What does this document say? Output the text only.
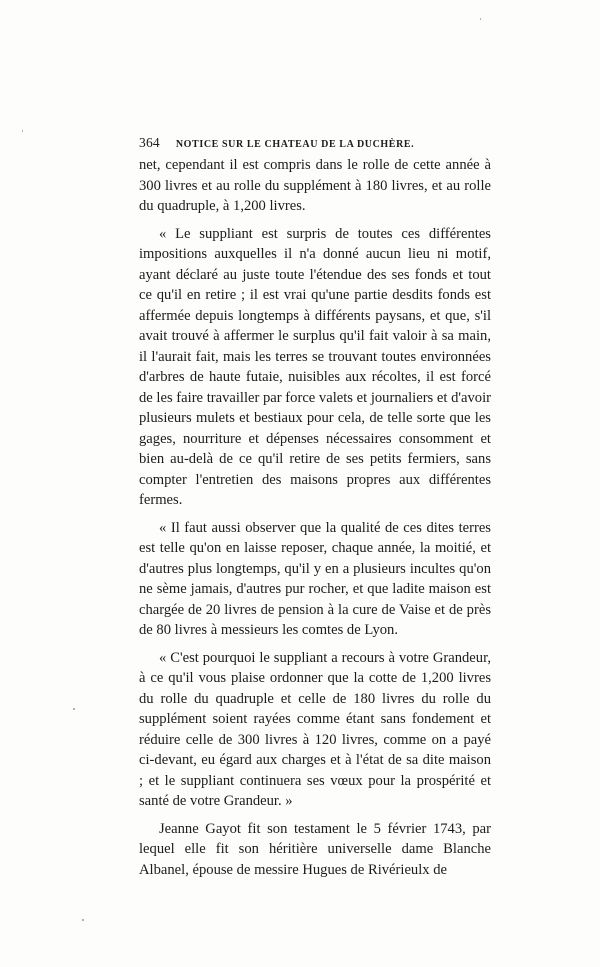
364 NOTICE SUR LE CHATEAU DE LA DUCHÈRE.

net, cependant il est compris dans le rolle de cette année à 300 livres et au rolle du supplément à 180 livres, et au rolle du quadruple, à 1,200 livres.

« Le suppliant est surpris de toutes ces différentes impositions auxquelles il n'a donné aucun lieu ni motif, ayant déclaré au juste toute l'étendue des ses fonds et tout ce qu'il en retire ; il est vrai qu'une partie desdits fonds est affermée depuis longtemps à différents paysans, et que, s'il avait trouvé à affermer le surplus qu'il fait valoir à sa main, il l'aurait fait, mais les terres se trouvant toutes environnées d'arbres de haute futaie, nuisibles aux récoltes, il est forcé de les faire travailler par force valets et journaliers et d'avoir plusieurs mulets et bestiaux pour cela, de telle sorte que les gages, nourriture et dépenses nécessaires consomment et bien au-delà de ce qu'il retire de ses petits fermiers, sans compter l'entretien des maisons propres aux différentes fermes.

« Il faut aussi observer que la qualité de ces dites terres est telle qu'on en laisse reposer, chaque année, la moitié, et d'autres plus longtemps, qu'il y en a plusieurs incultes qu'on ne sème jamais, d'autres pur rocher, et que ladite maison est chargée de 20 livres de pension à la cure de Vaise et de près de 80 livres à messieurs les comtes de Lyon.

« C'est pourquoi le suppliant a recours à votre Grandeur, à ce qu'il vous plaise ordonner que la cotte de 1,200 livres du rolle du quadruple et celle de 180 livres du rolle du supplément soient rayées comme étant sans fondement et réduire celle de 300 livres à 120 livres, comme on a payé ci-devant, eu égard aux charges et à l'état de sa dite maison ; et le suppliant continuera ses vœux pour la prospérité et santé de votre Grandeur. »

Jeanne Gayot fit son testament le 5 février 1743, par lequel elle fit son héritière universelle dame Blanche Albanel, épouse de messire Hugues de Rivérieulx de
